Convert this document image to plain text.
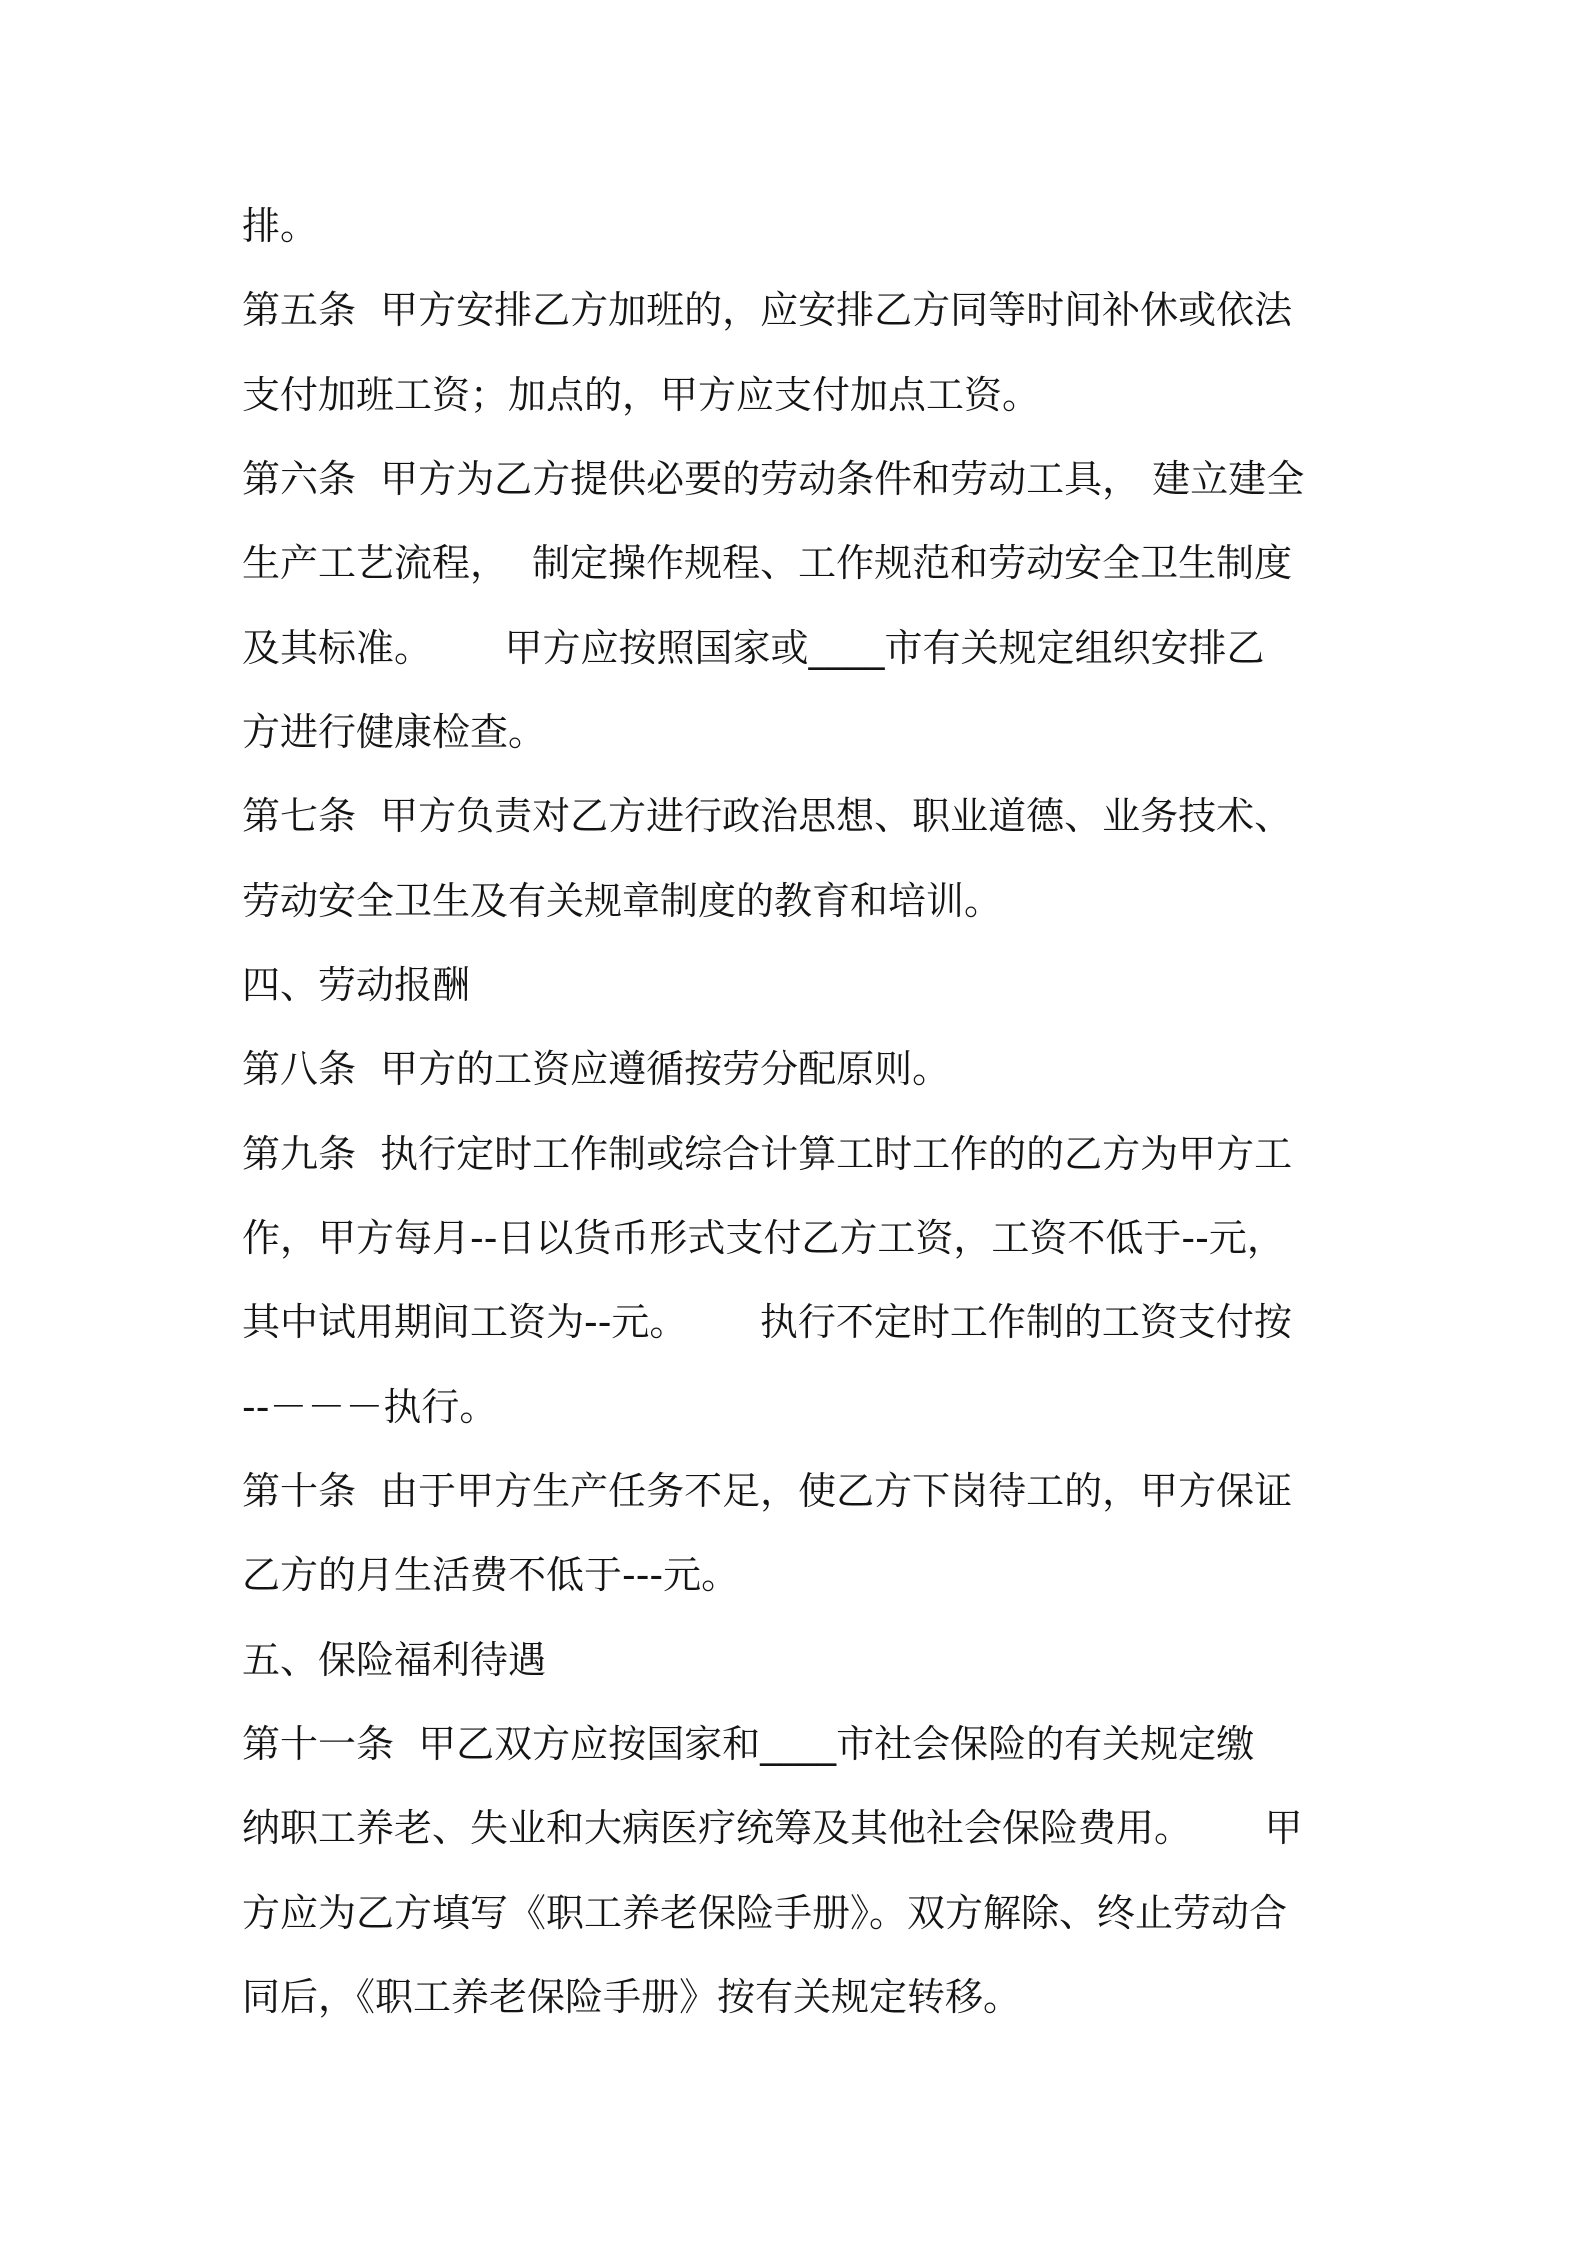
排。
第五条  甲方安排乙方加班的，应安排乙方同等时间补休或依法
支付加班工资；加点的，甲方应支付加点工资。
第六条  甲方为乙方提供必要的劳动条件和劳动工具， 建立建全
生产工艺流程，  制定操作规程、工作规范和劳动安全卫生制度
及其标准。      甲方应按照国家或____市有关规定组织安排乙
方进行健康检查。
第七条  甲方负责对乙方进行政治思想、职业道德、业务技术、
劳动安全卫生及有关规章制度的教育和培训。
四、劳动报酬
第八条  甲方的工资应遵循按劳分配原则。
第九条  执行定时工作制或综合计算工时工作的的乙方为甲方工
作，甲方每月--日以货币形式支付乙方工资，工资不低于--元，
其中试用期间工资为--元。      执行不定时工作制的工资支付按
--－－－执行。
第十条  由于甲方生产任务不足，使乙方下岗待工的，甲方保证
乙方的月生活费不低于---元。
五、保险福利待遇
第十一条  甲乙双方应按国家和____市社会保险的有关规定缴
纳职工养老、失业和大病医疗统筹及其他社会保险费用。      甲
方应为乙方填写《职工养老保险手册》。双方解除、终止劳动合
同后，《职工养老保险手册》按有关规定转移。
